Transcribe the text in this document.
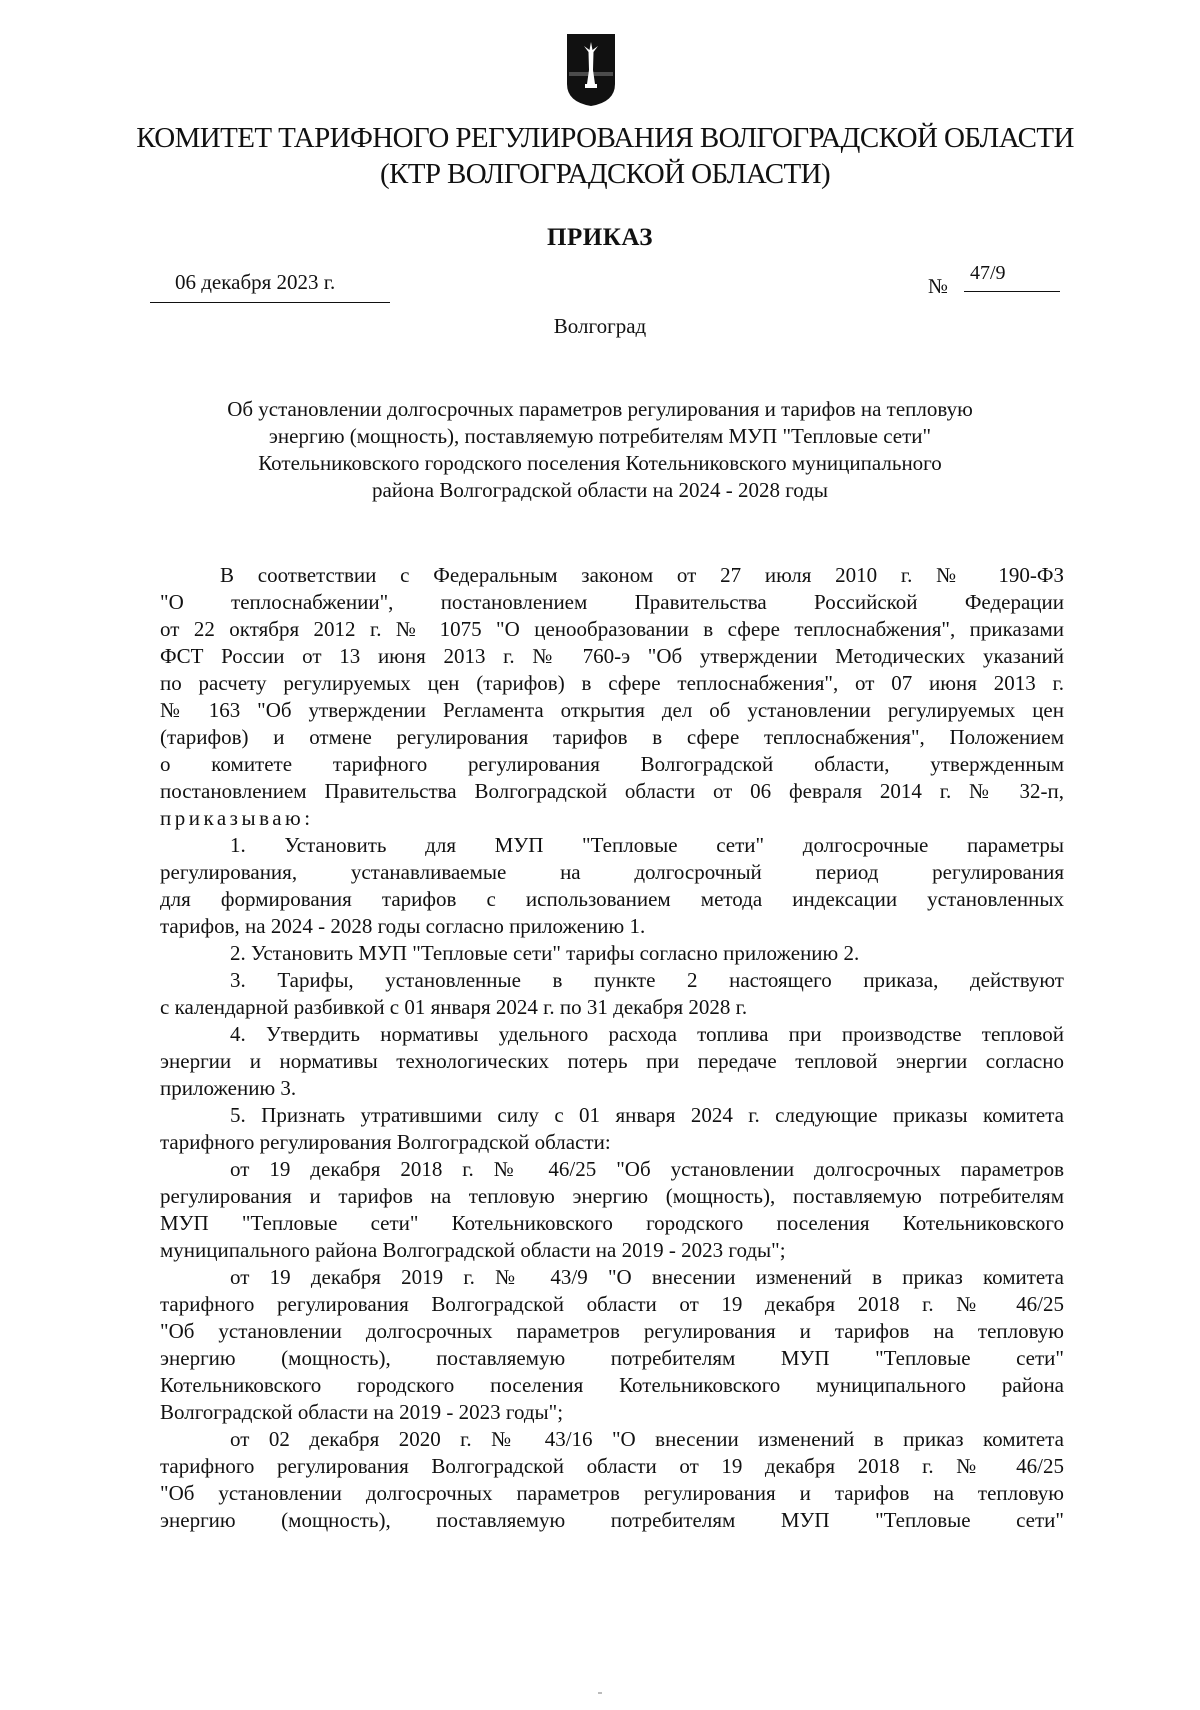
КОМИТЕТ ТАРИФНОГО РЕГУЛИРОВАНИЯ ВОЛГОГРАДСКОЙ ОБЛАСТИ
(КТР ВОЛГОГРАДСКОЙ ОБЛАСТИ)
ПРИКАЗ
06 декабря 2023 г.	№
47/9
Волгоград
Об установлении долгосрочных параметров регулирования и тарифов на тепловую
энергию (мощность), поставляемую потребителям МУП "Тепловые сети"
Котельниковского городского поселения Котельниковского муниципального
района Волгоградской области на 2024 - 2028 годы
В соответствии с Федеральным законом от 27 июля 2010 г. № 190-ФЗ
"О теплоснабжении", постановлением Правительства Российской Федерации
от 22 октября 2012 г. № 1075 "О ценообразовании в сфере теплоснабжения", приказами
ФСТ России от 13 июня 2013 г. № 760-э "Об утверждении Методических указаний
по расчету регулируемых цен (тарифов) в сфере теплоснабжения", от 07 июня 2013 г.
№ 163 "Об утверждении Регламента открытия дел об установлении регулируемых цен
(тарифов) и отмене регулирования тарифов в сфере теплоснабжения", Положением
о комитете тарифного регулирования Волгоградской области, утвержденным
постановлением Правительства Волгоградской области от 06 февраля 2014 г. № 32-п,
приказываю:
1. Установить для МУП "Тепловые сети" долгосрочные параметры
регулирования, устанавливаемые на долгосрочный период регулирования
для формирования тарифов с использованием метода индексации установленных
тарифов, на 2024 - 2028 годы согласно приложению 1.
2. Установить МУП "Тепловые сети" тарифы согласно приложению 2.
3. Тарифы, установленные в пункте 2 настоящего приказа, действуют
с календарной разбивкой с 01 января 2024 г. по 31 декабря 2028 г.
4. Утвердить нормативы удельного расхода топлива при производстве тепловой
энергии и нормативы технологических потерь при передаче тепловой энергии согласно
приложению 3.
5. Признать утратившими силу с 01 января 2024 г. следующие приказы комитета
тарифного регулирования Волгоградской области:
от 19 декабря 2018 г. № 46/25 "Об установлении долгосрочных параметров
регулирования и тарифов на тепловую энергию (мощность), поставляемую потребителям
МУП "Тепловые сети" Котельниковского городского поселения Котельниковского
муниципального района Волгоградской области на 2019 - 2023 годы";
от 19 декабря 2019 г. № 43/9 "О внесении изменений в приказ комитета
тарифного регулирования Волгоградской области от 19 декабря 2018 г. № 46/25
"Об установлении долгосрочных параметров регулирования и тарифов на тепловую
энергию (мощность), поставляемую потребителям МУП "Тепловые сети"
Котельниковского городского поселения Котельниковского муниципального района
Волгоградской области на 2019 - 2023 годы";
от 02 декабря 2020 г. № 43/16 "О внесении изменений в приказ комитета
тарифного регулирования Волгоградской области от 19 декабря 2018 г. № 46/25
"Об установлении долгосрочных параметров регулирования и тарифов на тепловую
энергию (мощность), поставляемую потребителям МУП "Тепловые сети"
